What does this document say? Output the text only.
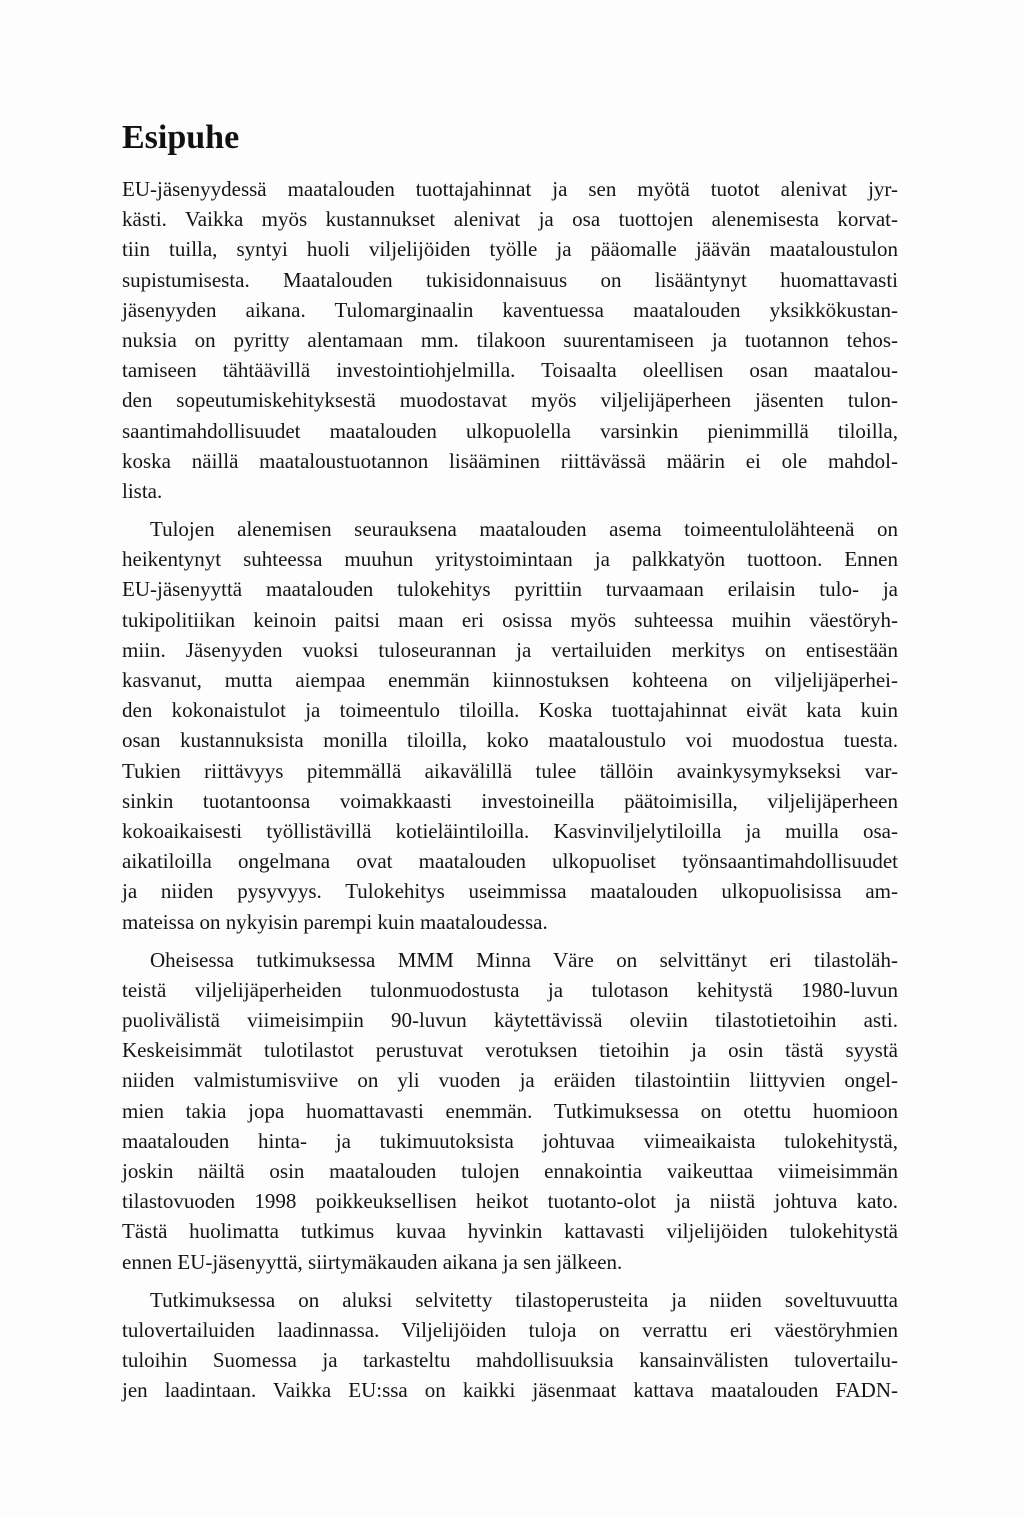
Esipuhe
EU-jäsenyydessä maatalouden tuottajahinnat ja sen myötä tuotot alenivat jyr-
kästi. Vaikka myös kustannukset alenivat ja osa tuottojen alenemisesta korvat-
tiin tuilla, syntyi huoli viljelijöiden työlle ja pääomalle jäävän maataloustulon
supistumisesta. Maatalouden tukisidonnaisuus on lisääntynyt huomattavasti
jäsenyyden aikana. Tulomarginaalin kaventuessa maatalouden yksikkökustan-
nuksia on pyritty alentamaan mm. tilakoon suurentamiseen ja tuotannon tehos-
tamiseen tähtäävillä investointiohjelmilla. Toisaalta oleellisen osan maatalou-
den sopeutumiskehityksestä muodostavat myös viljelijäperheen jäsenten tulon-
saantimahdollisuudet maatalouden ulkopuolella varsinkin pienimmillä tiloilla,
koska näillä maataloustuotannon lisääminen riittävässä määrin ei ole mahdol-
lista.
Tulojen alenemisen seurauksena maatalouden asema toimeentulolähteenä on
heikentynyt suhteessa muuhun yritystoimintaan ja palkkatyön tuottoon. Ennen
EU-jäsenyyttä maatalouden tulokehitys pyrittiin turvaamaan erilaisin tulo- ja
tukipolitiikan keinoin paitsi maan eri osissa myös suhteessa muihin väestöryh-
miin. Jäsenyyden vuoksi tuloseurannan ja vertailuiden merkitys on entisestään
kasvanut, mutta aiempaa enemmän kiinnostuksen kohteena on viljelijäperhei-
den kokonaistulot ja toimeentulo tiloilla. Koska tuottajahinnat eivät kata kuin
osan kustannuksista monilla tiloilla, koko maataloustulo voi muodostua tuesta.
Tukien riittävyys pitemmällä aikavälillä tulee tällöin avainkysymykseksi var-
sinkin tuotantoonsa voimakkaasti investoineilla päätoimisilla, viljelijäperheen
kokoaikaisesti työllistävillä kotieläintiloilla. Kasvinviljelytiloilla ja muilla osa-
aikatiloilla ongelmana ovat maatalouden ulkopuoliset työnsaantimahdollisuudet
ja niiden pysyvyys. Tulokehitys useimmissa maatalouden ulkopuolisissa am-
mateissa on nykyisin parempi kuin maataloudessa.
Oheisessa tutkimuksessa MMM Minna Väre on selvittänyt eri tilastoläh-
teistä viljelijäperheiden tulonmuodostusta ja tulotason kehitystä 1980-luvun
puolivälistä viimeisimpiin 90-luvun käytettävissä oleviin tilastotietoihin asti.
Keskeisimmät tulotilastot perustuvat verotuksen tietoihin ja osin tästä syystä
niiden valmistumisviive on yli vuoden ja eräiden tilastointiin liittyvien ongel-
mien takia jopa huomattavasti enemmän. Tutkimuksessa on otettu huomioon
maatalouden hinta- ja tukimuutoksista johtuvaa viimeaikaista tulokehitystä,
joskin näiltä osin maatalouden tulojen ennakointia vaikeuttaa viimeisimmän
tilastovuoden 1998 poikkeuksellisen heikot tuotanto-olot ja niistä johtuva kato.
Tästä huolimatta tutkimus kuvaa hyvinkin kattavasti viljelijöiden tulokehitystä
ennen EU-jäsenyyttä, siirtymäkauden aikana ja sen jälkeen.
Tutkimuksessa on aluksi selvitetty tilastoperusteita ja niiden soveltuvuutta
tulovertailuiden laadinnassa. Viljelijöiden tuloja on verrattu eri väestöryhmien
tuloihin Suomessa ja tarkasteltu mahdollisuuksia kansainvälisten tulovertailu-
jen laadintaan. Vaikka EU:ssa on kaikki jäsenmaat kattava maatalouden FADN-
